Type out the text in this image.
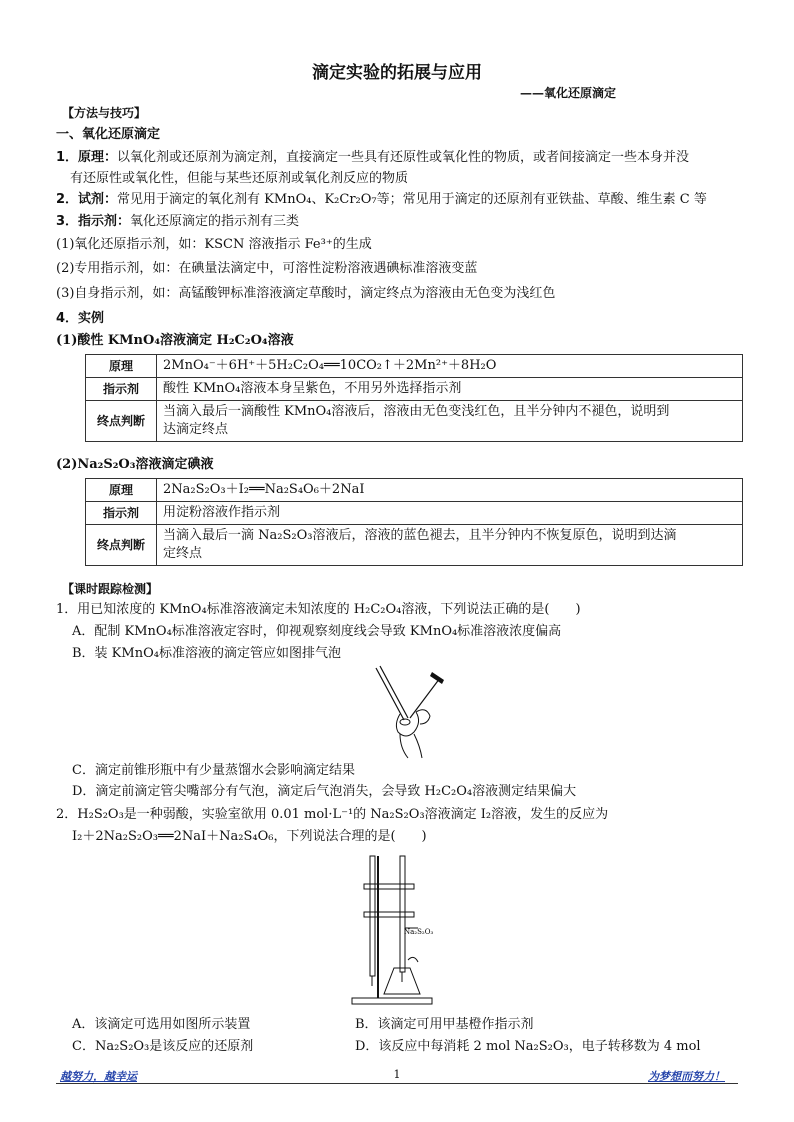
滴定实验的拓展与应用
——氧化还原滴定
【方法与技巧】
一、氧化还原滴定
1．原理：以氧化剂或还原剂为滴定剂，直接滴定一些具有还原性或氧化性的物质，或者间接滴定一些本身并没
有还原性或氧化性，但能与某些还原剂或氧化剂反应的物质
2．试剂：常见用于滴定的氧化剂有 KMnO₄、K₂Cr₂O₇等；常见用于滴定的还原剂有亚铁盐、草酸、维生素 C 等
3．指示剂：氧化还原滴定的指示剂有三类
(1)氧化还原指示剂，如：KSCN 溶液指示 Fe³⁺的生成
(2)专用指示剂，如：在碘量法滴定中，可溶性淀粉溶液遇碘标准溶液变蓝
(3)自身指示剂，如：高锰酸钾标准溶液滴定草酸时，滴定终点为溶液由无色变为浅红色
4．实例
(1)酸性 KMnO₄溶液滴定 H₂C₂O₄溶液
原理	2MnO₄⁻＋6H⁺＋5H₂C₂O₄══10CO₂↑＋2Mn²⁺＋8H₂O
指示剂	酸性 KMnO₄溶液本身呈紫色，不用另外选择指示剂
终点判断	当滴入最后一滴酸性 KMnO₄溶液后，溶液由无色变浅红色，且半分钟内不褪色，说明到
达滴定终点
(2)Na₂S₂O₃溶液滴定碘液
原理	2Na₂S₂O₃＋I₂══Na₂S₄O₆＋2NaI
指示剂	用淀粉溶液作指示剂
终点判断	当滴入最后一滴 Na₂S₂O₃溶液后，溶液的蓝色褪去，且半分钟内不恢复原色，说明到达滴
定终点
【课时跟踪检测】
1．用已知浓度的 KMnO₄标准溶液滴定未知浓度的 H₂C₂O₄溶液，下列说法正确的是(　　)
A．配制 KMnO₄标准溶液定容时，仰视观察刻度线会导致 KMnO₄标准溶液浓度偏高
B．装 KMnO₄标准溶液的滴定管应如图排气泡
C．滴定前锥形瓶中有少量蒸馏水会影响滴定结果
D．滴定前滴定管尖嘴部分有气泡，滴定后气泡消失，会导致 H₂C₂O₄溶液测定结果偏大
2．H₂S₂O₃是一种弱酸，实验室欲用 0.01 mol·L⁻¹的 Na₂S₂O₃溶液滴定 I₂溶液，发生的反应为
I₂＋2Na₂S₂O₃══2NaI＋Na₂S₄O₆，下列说法合理的是(　　)
Na₂S₂O₃
A．该滴定可选用如图所示装置	B．该滴定可用甲基橙作指示剂
C．Na₂S₂O₃是该反应的还原剂	D．该反应中每消耗 2 mol Na₂S₂O₃，电子转移数为 4 mol
越努力，越幸运	1	为梦想而努力！
